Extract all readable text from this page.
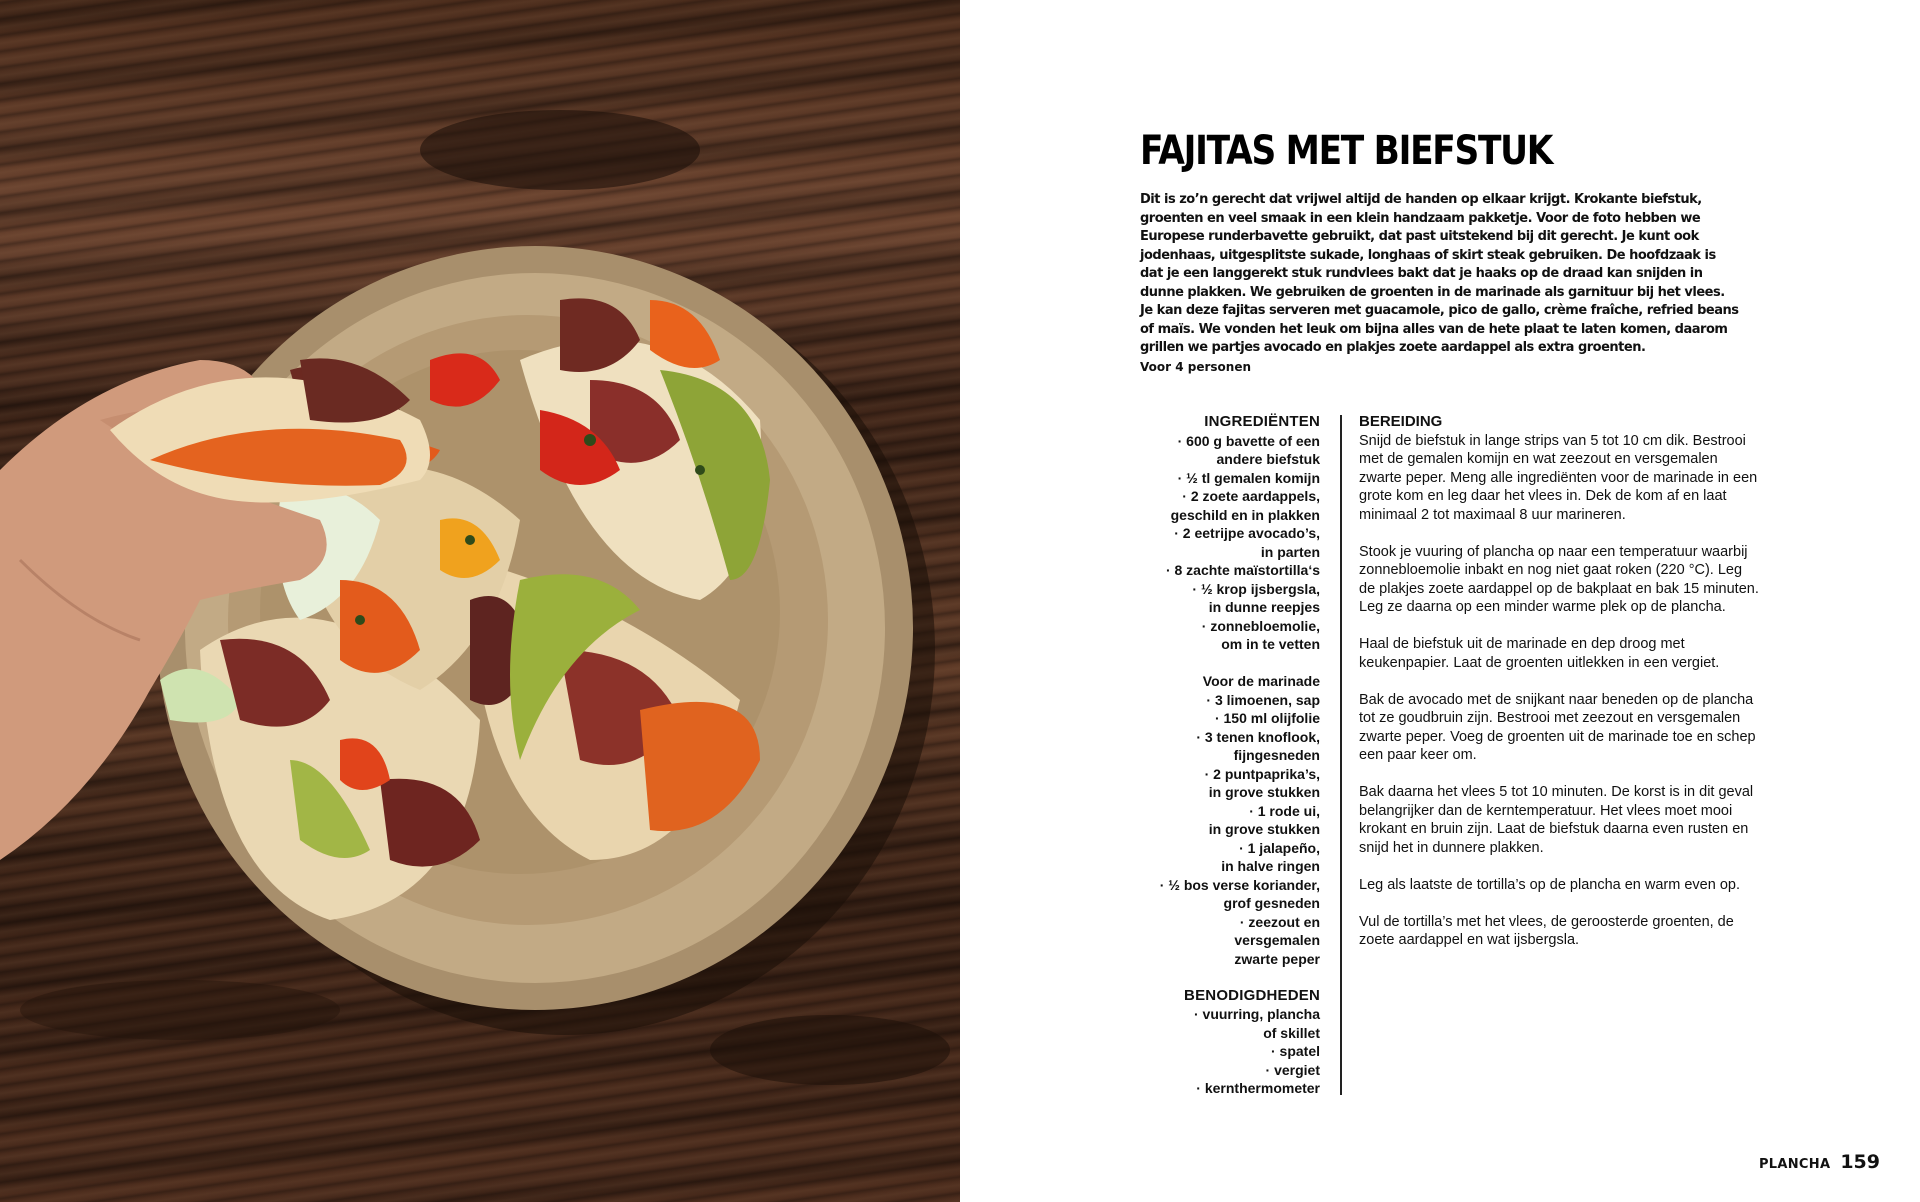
FAJITAS MET BIEFSTUK

Dit is zo’n gerecht dat vrijwel altijd de handen op elkaar krijgt. Krokante biefstuk, groenten en veel smaak in een klein handzaam pakketje. Voor de foto hebben we Europese runderbavette gebruikt, dat past uitstekend bij dit gerecht. Je kunt ook jodenhaas, uitgesplitste sukade, longhaas of skirt steak gebruiken. De hoofdzaak is dat je een langgerekt stuk rundvlees bakt dat je haaks op de draad kan snijden in dunne plakken. We gebruiken de groenten in de marinade als garnituur bij het vlees. Je kan deze fajitas serveren met guacamole, pico de gallo, crème fraîche, refried beans of maïs. We vonden het leuk om bijna alles van de hete plaat te laten komen, daarom grillen we partjes avocado en plakjes zoete aardappel als extra groenten.

Voor 4 personen

INGREDIËNTEN
· 600 g bavette of een
andere biefstuk
· ½ tl gemalen komijn
· 2 zoete aardappels,
geschild en in plakken
· 2 eetrijpe avocado’s,
in parten
· 8 zachte maïstortilla‘s
· ½ krop ijsbergsla,
in dunne reepjes
· zonnebloemolie,
om in te vetten
Voor de marinade
· 3 limoenen, sap
· 150 ml olijfolie
· 3 tenen knoflook,
fijngesneden
· 2 puntpaprika’s,
in grove stukken
· 1 rode ui,
in grove stukken
· 1 jalapeño,
in halve ringen
· ½ bos verse koriander,
grof gesneden
· zeezout en
versgemalen
zwarte peper
BENODIGDHEDEN
· vuurring, plancha
of skillet
· spatel
· vergiet
· kernthermometer
BEREIDING

Snijd de biefstuk in lange strips van 5 tot 10 cm dik. Bestrooi met de gemalen komijn en wat zeezout en versgemalen zwarte peper. Meng alle ingrediënten voor de marinade in een grote kom en leg daar het vlees in. Dek de kom af en laat minimaal 2 tot maximaal 8 uur marineren.

Stook je vuuring of plancha op naar een temperatuur waarbij zonnebloemolie inbakt en nog niet gaat roken (220 °C). Leg de plakjes zoete aardappel op de bakplaat en bak 15 minuten. Leg ze daarna op een minder warme plek op de plancha.

Haal de biefstuk uit de marinade en dep droog met keukenpapier. Laat de groenten uitlekken in een vergiet.

Bak de avocado met de snijkant naar beneden op de plancha tot ze goudbruin zijn. Bestrooi met zeezout en versgemalen zwarte peper. Voeg de groenten uit de marinade toe en schep een paar keer om.

Bak daarna het vlees 5 tot 10 minuten. De korst is in dit geval belangrijker dan de kerntemperatuur. Het vlees moet mooi krokant en bruin zijn. Laat de biefstuk daarna even rusten en snijd het in dunnere plakken.

Leg als laatste de tortilla’s op de plancha en warm even op.

Vul de tortilla’s met het vlees, de geroosterde groenten, de zoete aardappel en wat ijsbergsla.

PLANCHA 159
